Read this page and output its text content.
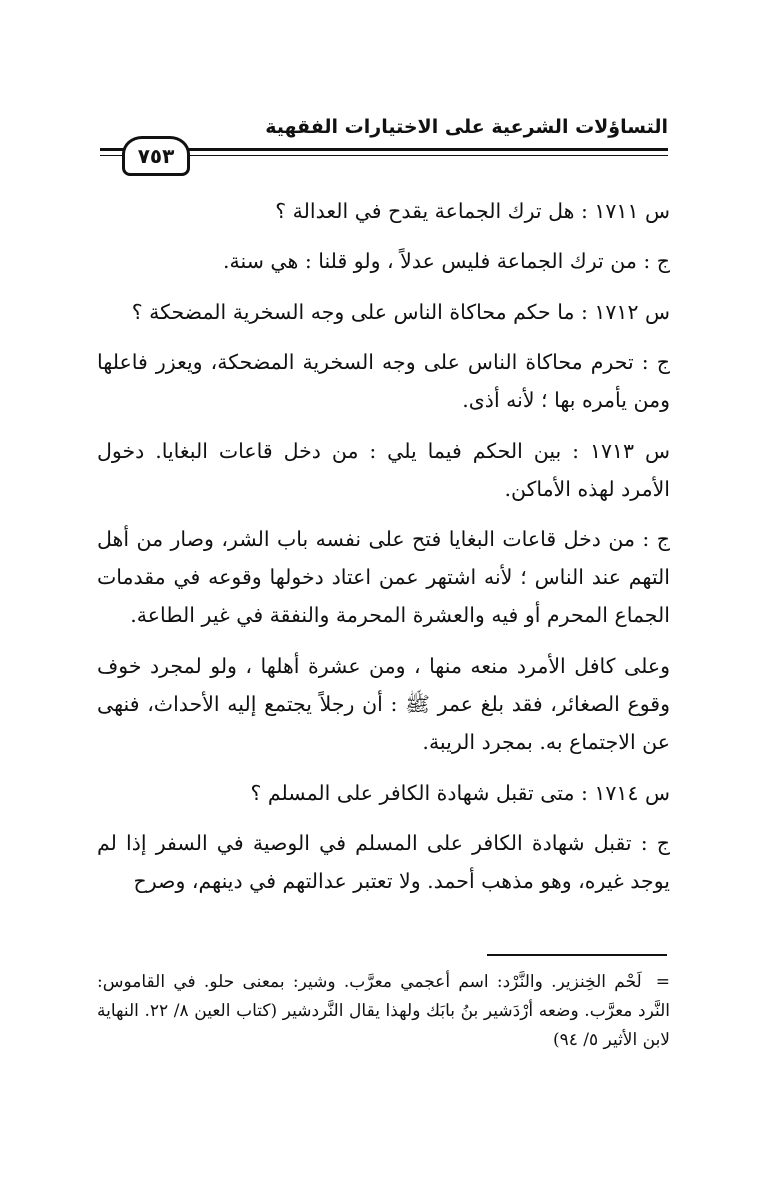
التساؤلات الشرعية على الاختيارات الفقهية
٧٥٣

س ١٧١١ : هل ترك الجماعة يقدح في العدالة ؟

ج : من ترك الجماعة فليس عدلاً ، ولو قلنا : هي سنة.

س ١٧١٢ : ما حكم محاكاة الناس على وجه السخرية المضحكة ؟

ج : تحرم محاكاة الناس على وجه السخرية المضحكة، ويعزر فاعلها ومن يأمره بها ؛ لأنه أذى.

س ١٧١٣ : بين الحكم فيما يلي : من دخل قاعات البغايا. دخول الأمرد لهذه الأماكن.

ج : من دخل قاعات البغايا فتح على نفسه باب الشر، وصار من أهل التهم عند الناس ؛ لأنه اشتهر عمن اعتاد دخولها وقوعه في مقدمات الجماع المحرم أو فيه والعشرة المحرمة والنفقة في غير الطاعة.

وعلى كافل الأمرد منعه منها ، ومن عشرة أهلها ، ولو لمجرد خوف وقوع الصغائر، فقد بلغ عمر ﷺ : أن رجلاً يجتمع إليه الأحداث، فنهى عن الاجتماع به. بمجرد الريبة.

س ١٧١٤ : متى تقبل شهادة الكافر على المسلم ؟

ج : تقبل شهادة الكافر على المسلم في الوصية في السفر إذا لم يوجد غيره، وهو مذهب أحمد. ولا تعتبر عدالتهم في دينهم، وصرح

=لَحْم الخِنزير. والنَّرْد: اسم أعجمي معرَّب. وشير: بمعنى حلو. في القاموس: النَّرد معرَّب. وضعه أرْدَشير بنُ بابَك ولهذا يقال النَّردشير (كتاب العين ٨/ ٢٢. النهاية لابن الأثير ٥/ ٩٤)
